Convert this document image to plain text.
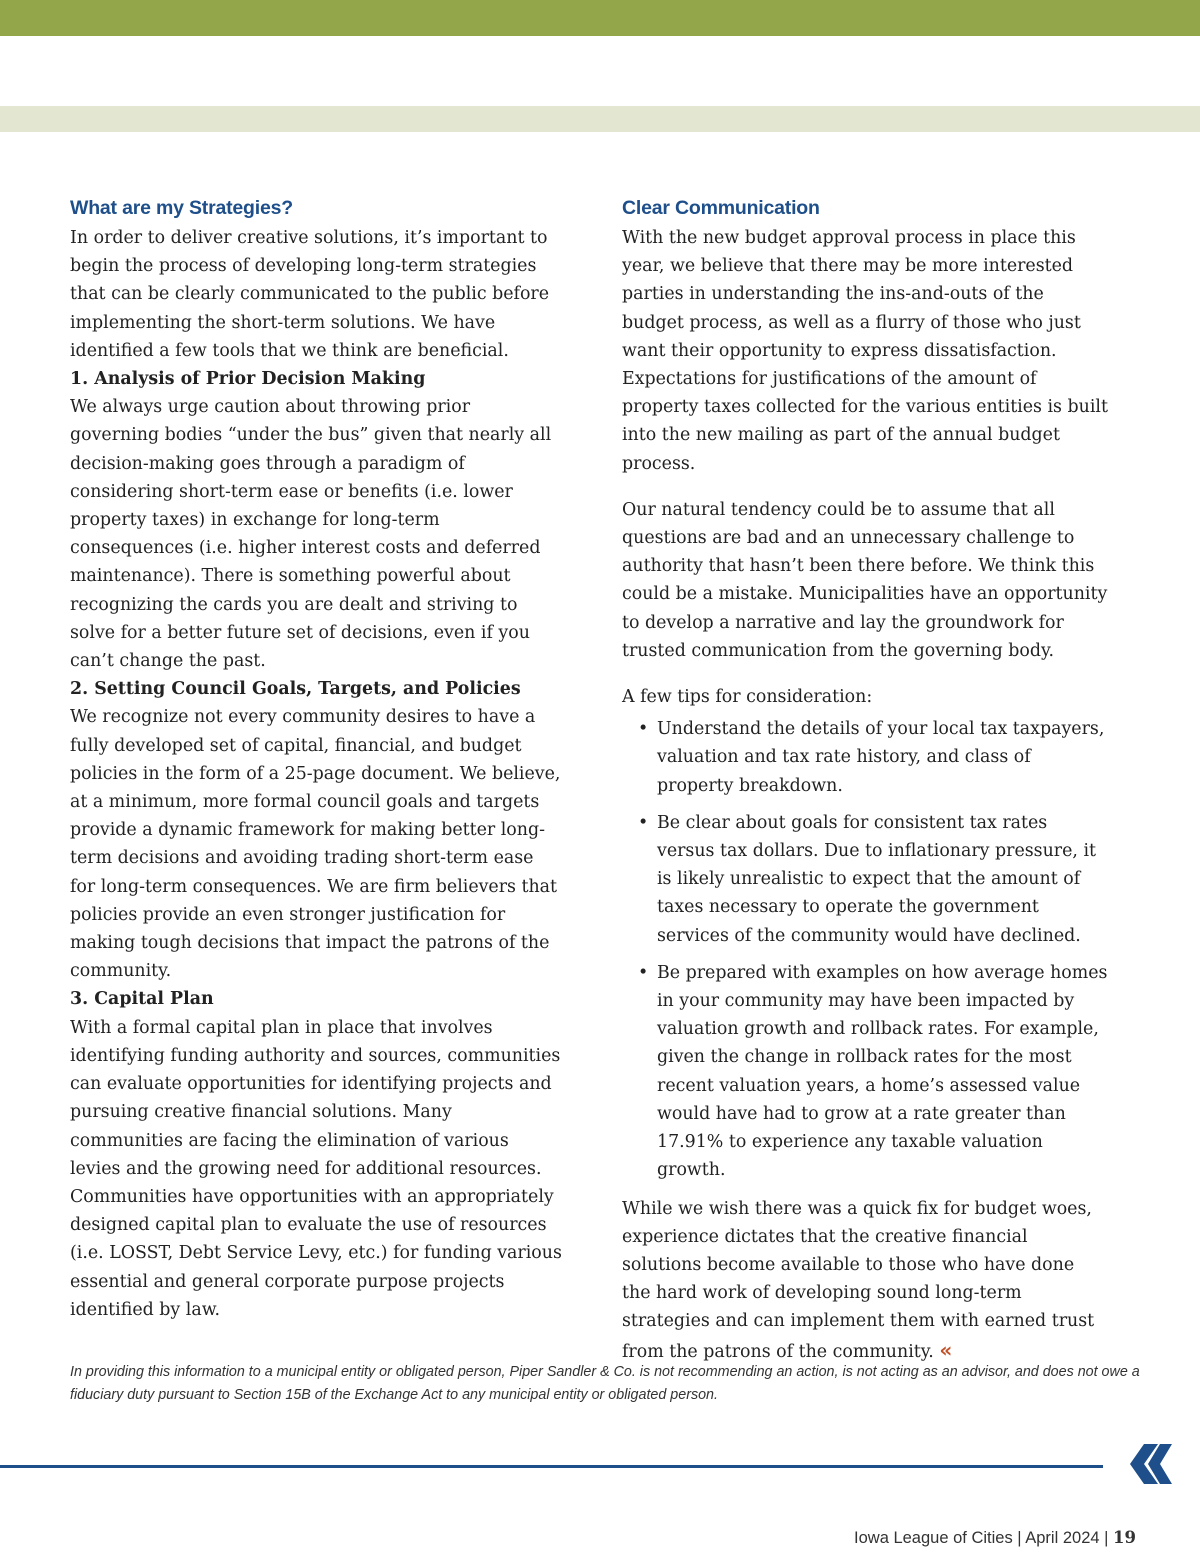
What are my Strategies?

In order to deliver creative solutions, it’s important to begin the process of developing long-term strategies that can be clearly communicated to the public before implementing the short-term solutions. We have identified a few tools that we think are beneficial.

1. Analysis of Prior Decision Making

We always urge caution about throwing prior governing bodies “under the bus” given that nearly all decision-making goes through a paradigm of considering short-term ease or benefits (i.e. lower property taxes) in exchange for long-term consequences (i.e. higher interest costs and deferred maintenance). There is something powerful about recognizing the cards you are dealt and striving to solve for a better future set of decisions, even if you can’t change the past.

2. Setting Council Goals, Targets, and Policies

We recognize not every community desires to have a fully developed set of capital, financial, and budget policies in the form of a 25-page document. We believe, at a minimum, more formal council goals and targets provide a dynamic framework for making better long-term decisions and avoiding trading short-term ease for long-term consequences. We are firm believers that policies provide an even stronger justification for making tough decisions that impact the patrons of the community.

3. Capital Plan

With a formal capital plan in place that involves identifying funding authority and sources, communities can evaluate opportunities for identifying projects and pursuing creative financial solutions. Many communities are facing the elimination of various levies and the growing need for additional resources. Communities have opportunities with an appropriately designed capital plan to evaluate the use of resources (i.e. LOSST, Debt Service Levy, etc.) for funding various essential and general corporate purpose projects identified by law.

Clear Communication

With the new budget approval process in place this year, we believe that there may be more interested parties in understanding the ins-and-outs of the budget process, as well as a flurry of those who just want their opportunity to express dissatisfaction. Expectations for justifications of the amount of property taxes collected for the various entities is built into the new mailing as part of the annual budget process.

Our natural tendency could be to assume that all questions are bad and an unnecessary challenge to authority that hasn’t been there before. We think this could be a mistake. Municipalities have an opportunity to develop a narrative and lay the groundwork for trusted communication from the governing body.

A few tips for consideration:

• Understand the details of your local tax taxpayers, valuation and tax rate history, and class of property breakdown.
• Be clear about goals for consistent tax rates versus tax dollars. Due to inflationary pressure, it is likely unrealistic to expect that the amount of taxes necessary to operate the government services of the community would have declined.
• Be prepared with examples on how average homes in your community may have been impacted by valuation growth and rollback rates. For example, given the change in rollback rates for the most recent valuation years, a home’s assessed value would have had to grow at a rate greater than 17.91% to experience any taxable valuation growth.

While we wish there was a quick fix for budget woes, experience dictates that the creative financial solutions become available to those who have done the hard work of developing sound long-term strategies and can implement them with earned trust from the patrons of the community. «

In providing this information to a municipal entity or obligated person, Piper Sandler & Co. is not recommending an action, is not acting as an advisor, and does not owe a fiduciary duty pursuant to Section 15B of the Exchange Act to any municipal entity or obligated person.

Iowa League of Cities | April 2024 | 19
